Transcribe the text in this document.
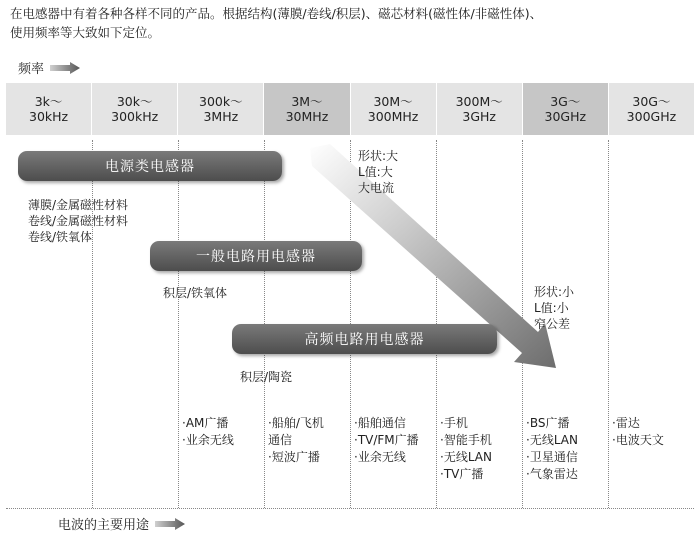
在电感器中有着各种各样不同的产品。根据结构(薄膜/卷线/积层)、磁芯材料(磁性体/非磁性体)、
使用频率等大致如下定位。
频率
3k〜
30kHz
30k〜
300kHz
300k〜
3MHz
3M〜
30MHz
30M〜
300MHz
300M〜
3GHz
3G〜
30GHz
30G〜
300GHz
电源类电感器
一般电路用电感器
高频电路用电感器
薄膜/金属磁性材料
卷线/金属磁性材料
卷线/铁氧体
积层/铁氧体
积层/陶瓷
形状:大
L值:大
大电流
形状:小
L值:小
窄公差
·AM广播
·业余无线
·船舶/飞机
通信
·短波广播
·船舶通信
·TV/FM广播
·业余无线
·手机
·智能手机
·无线LAN
·TV广播
·BS广播
·无线LAN
·卫星通信
·气象雷达
·雷达
·电波天文
电波的主要用途
